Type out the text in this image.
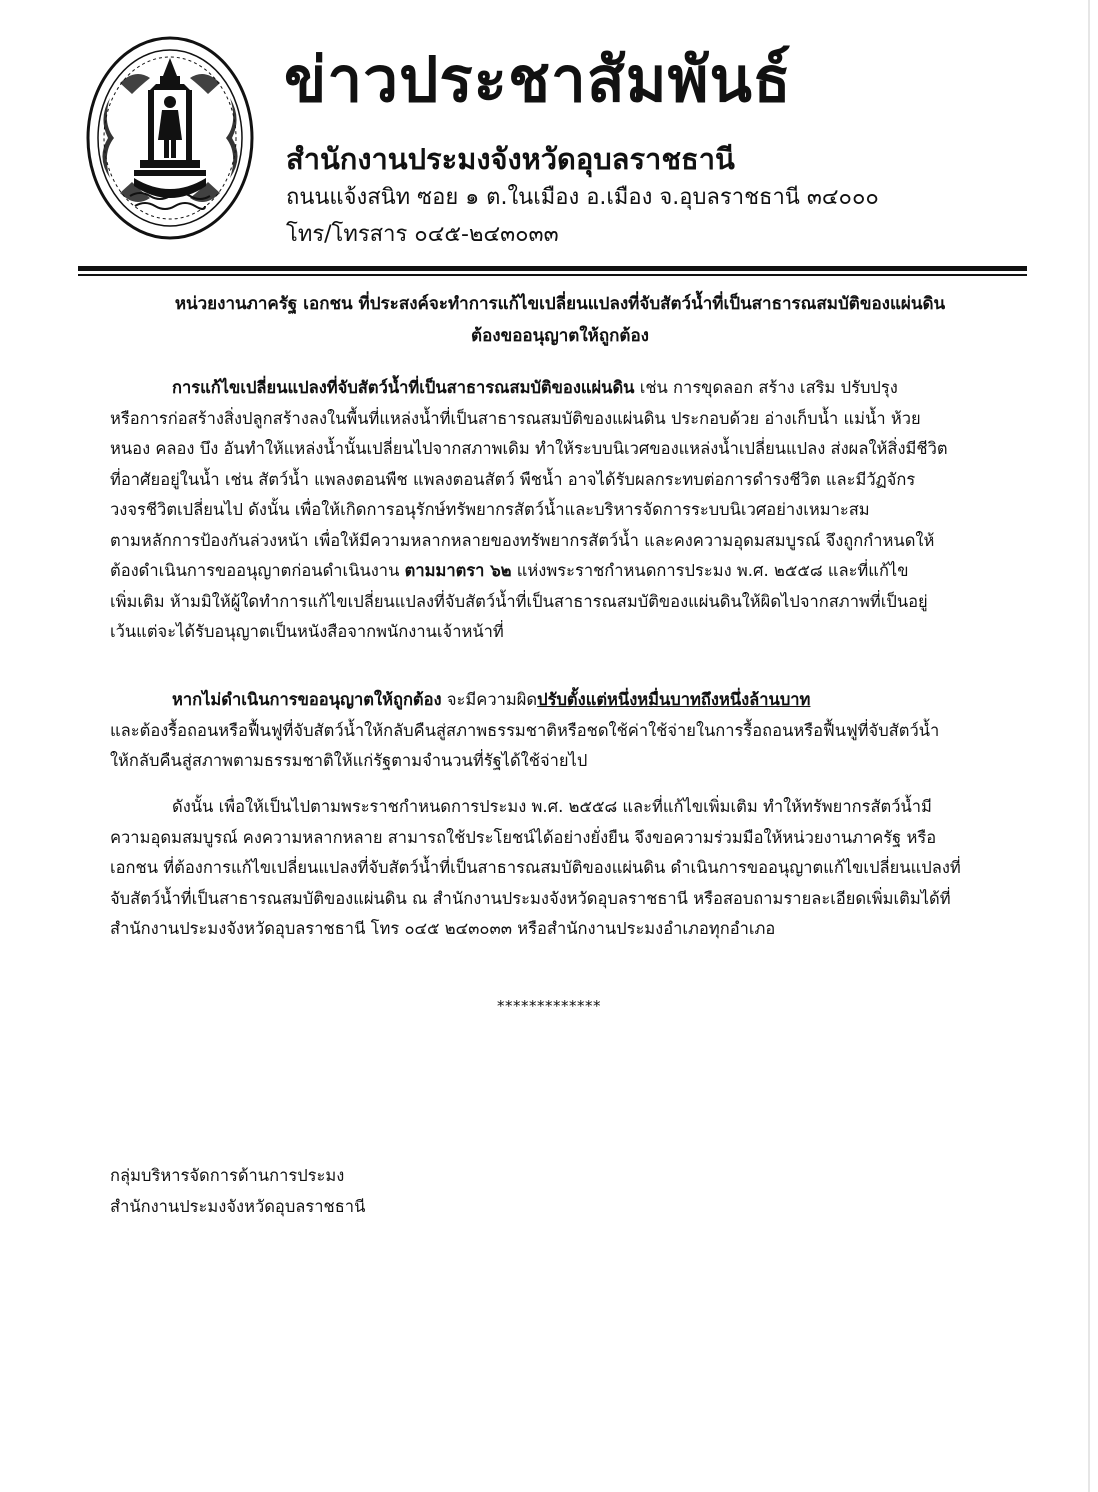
ข่าวประชาสัมพันธ์
สำนักงานประมงจังหวัดอุบลราชธานี
ถนนแจ้งสนิท ซอย ๑ ต.ในเมือง อ.เมือง จ.อุบลราชธานี ๓๔๐๐๐
โทร/โทรสาร ๐๔๕-๒๔๓๐๓๓
หน่วยงานภาครัฐ เอกชน ที่ประสงค์จะทำการแก้ไขเปลี่ยนแปลงที่จับสัตว์น้ำที่เป็นสาธารณสมบัติของแผ่นดิน
ต้องขออนุญาตให้ถูกต้อง
การแก้ไขเปลี่ยนแปลงที่จับสัตว์น้ำที่เป็นสาธารณสมบัติของแผ่นดิน เช่น การขุดลอก สร้าง เสริม ปรับปรุง
หรือการก่อสร้างสิ่งปลูกสร้างลงในพื้นที่แหล่งน้ำที่เป็นสาธารณสมบัติของแผ่นดิน ประกอบด้วย อ่างเก็บน้ำ แม่น้ำ ห้วย
หนอง คลอง บึง อันทำให้แหล่งน้ำนั้นเปลี่ยนไปจากสภาพเดิม ทำให้ระบบนิเวศของแหล่งน้ำเปลี่ยนแปลง ส่งผลให้สิ่งมีชีวิต
ที่อาศัยอยู่ในน้ำ เช่น สัตว์น้ำ แพลงตอนพืช แพลงตอนสัตว์ พืชน้ำ อาจได้รับผลกระทบต่อการดำรงชีวิต และมีวัฏจักร
วงจรชีวิตเปลี่ยนไป ดังนั้น เพื่อให้เกิดการอนุรักษ์ทรัพยากรสัตว์น้ำและบริหารจัดการระบบนิเวศอย่างเหมาะสม
ตามหลักการป้องกันล่วงหน้า เพื่อให้มีความหลากหลายของทรัพยากรสัตว์น้ำ และคงความอุดมสมบูรณ์ จึงถูกกำหนดให้
ต้องดำเนินการขออนุญาตก่อนดำเนินงาน ตามมาตรา ๖๒ แห่งพระราชกำหนดการประมง พ.ศ. ๒๕๕๘ และที่แก้ไข
เพิ่มเติม ห้ามมิให้ผู้ใดทำการแก้ไขเปลี่ยนแปลงที่จับสัตว์น้ำที่เป็นสาธารณสมบัติของแผ่นดินให้ผิดไปจากสภาพที่เป็นอยู่
เว้นแต่จะได้รับอนุญาตเป็นหนังสือจากพนักงานเจ้าหน้าที่
หากไม่ดำเนินการขออนุญาตให้ถูกต้อง จะมีความผิดปรับตั้งแต่หนึ่งหมื่นบาทถึงหนึ่งล้านบาท
และต้องรื้อถอนหรือฟื้นฟูที่จับสัตว์น้ำให้กลับคืนสู่สภาพธรรมชาติหรือชดใช้ค่าใช้จ่ายในการรื้อถอนหรือฟื้นฟูที่จับสัตว์น้ำ
ให้กลับคืนสู่สภาพตามธรรมชาติให้แก่รัฐตามจำนวนที่รัฐได้ใช้จ่ายไป
ดังนั้น เพื่อให้เป็นไปตามพระราชกำหนดการประมง พ.ศ. ๒๕๕๘ และที่แก้ไขเพิ่มเติม ทำให้ทรัพยากรสัตว์น้ำมี
ความอุดมสมบูรณ์ คงความหลากหลาย สามารถใช้ประโยชน์ได้อย่างยั่งยืน จึงขอความร่วมมือให้หน่วยงานภาครัฐ หรือ
เอกชน ที่ต้องการแก้ไขเปลี่ยนแปลงที่จับสัตว์น้ำที่เป็นสาธารณสมบัติของแผ่นดิน ดำเนินการขออนุญาตแก้ไขเปลี่ยนแปลงที่
จับสัตว์น้ำที่เป็นสาธารณสมบัติของแผ่นดิน ณ สำนักงานประมงจังหวัดอุบลราชธานี หรือสอบถามรายละเอียดเพิ่มเติมได้ที่
สำนักงานประมงจังหวัดอุบลราชธานี โทร ๐๔๕ ๒๔๓๐๓๓ หรือสำนักงานประมงอำเภอทุกอำเภอ
*************
กลุ่มบริหารจัดการด้านการประมง
สำนักงานประมงจังหวัดอุบลราชธานี
